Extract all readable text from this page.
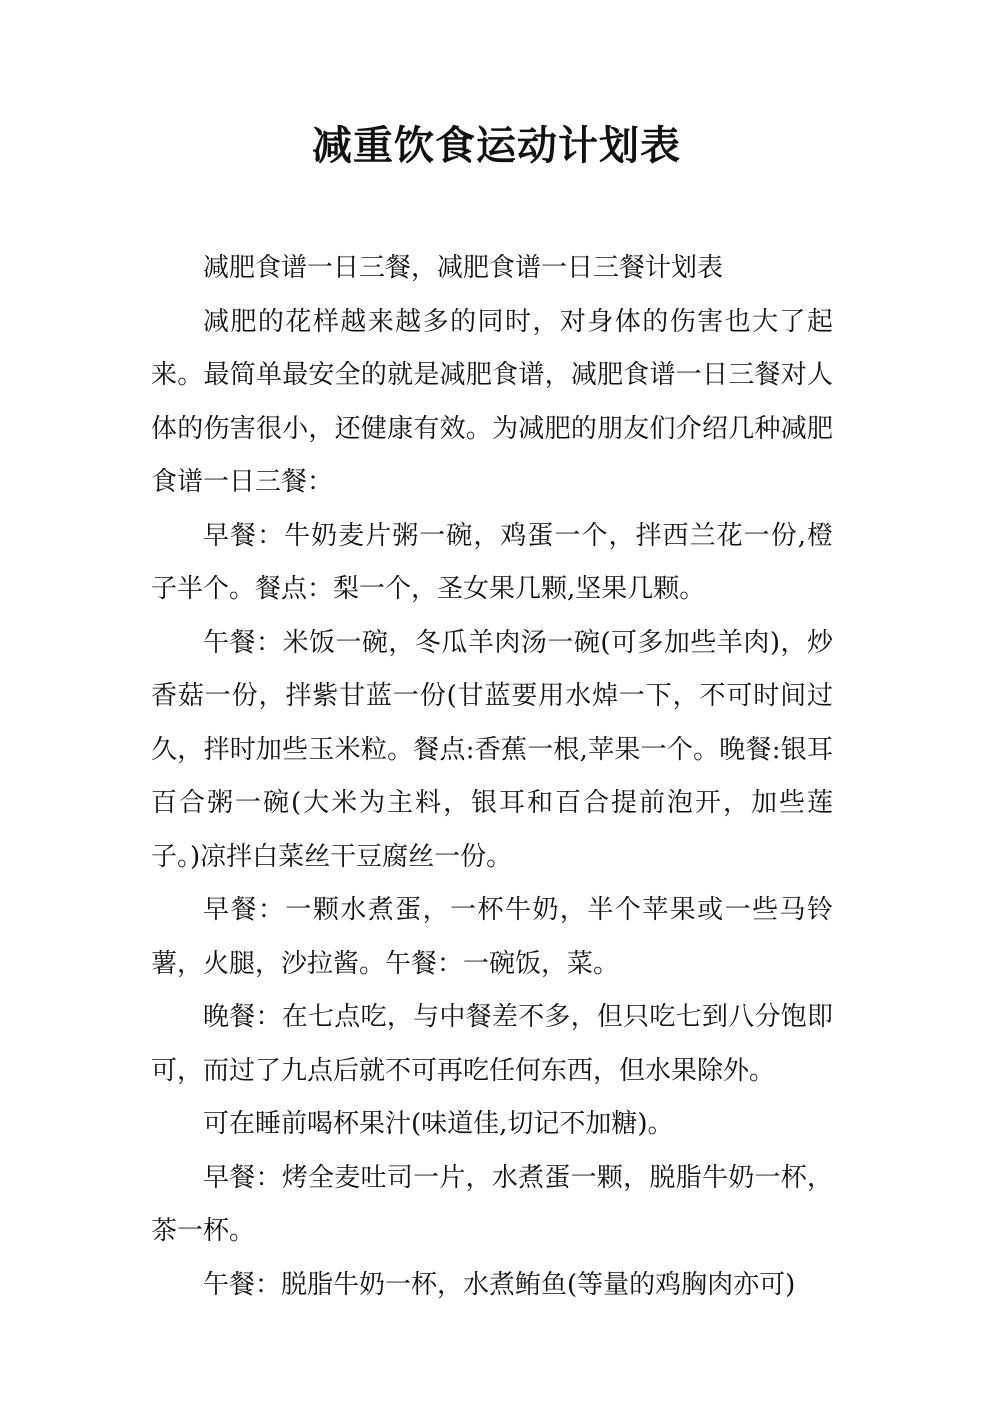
减重饮食运动计划表

减肥食谱一日三餐，减肥食谱一日三餐计划表

减肥的花样越来越多的同时，对身体的伤害也大了起来。最简单最安全的就是减肥食谱，减肥食谱一日三餐对人体的伤害很小，还健康有效。为减肥的朋友们介绍几种减肥食谱一日三餐：

早餐：牛奶麦片粥一碗，鸡蛋一个，拌西兰花一份,橙子半个。餐点：梨一个，圣女果几颗,坚果几颗。

午餐：米饭一碗，冬瓜羊肉汤一碗(可多加些羊肉)，炒香菇一份，拌紫甘蓝一份(甘蓝要用水焯一下，不可时间过久，拌时加些玉米粒。餐点:香蕉一根,苹果一个。晚餐:银耳百合粥一碗(大米为主料，银耳和百合提前泡开，加些莲子。)凉拌白菜丝干豆腐丝一份。

早餐：一颗水煮蛋，一杯牛奶，半个苹果或一些马铃薯，火腿，沙拉酱。午餐：一碗饭，菜。

晚餐：在七点吃，与中餐差不多，但只吃七到八分饱即可，而过了九点后就不可再吃任何东西，但水果除外。

可在睡前喝杯果汁(味道佳,切记不加糖)。

早餐：烤全麦吐司一片，水煮蛋一颗，脱脂牛奶一杯，茶一杯。

午餐：脱脂牛奶一杯，水煮鲔鱼(等量的鸡胸肉亦可)
